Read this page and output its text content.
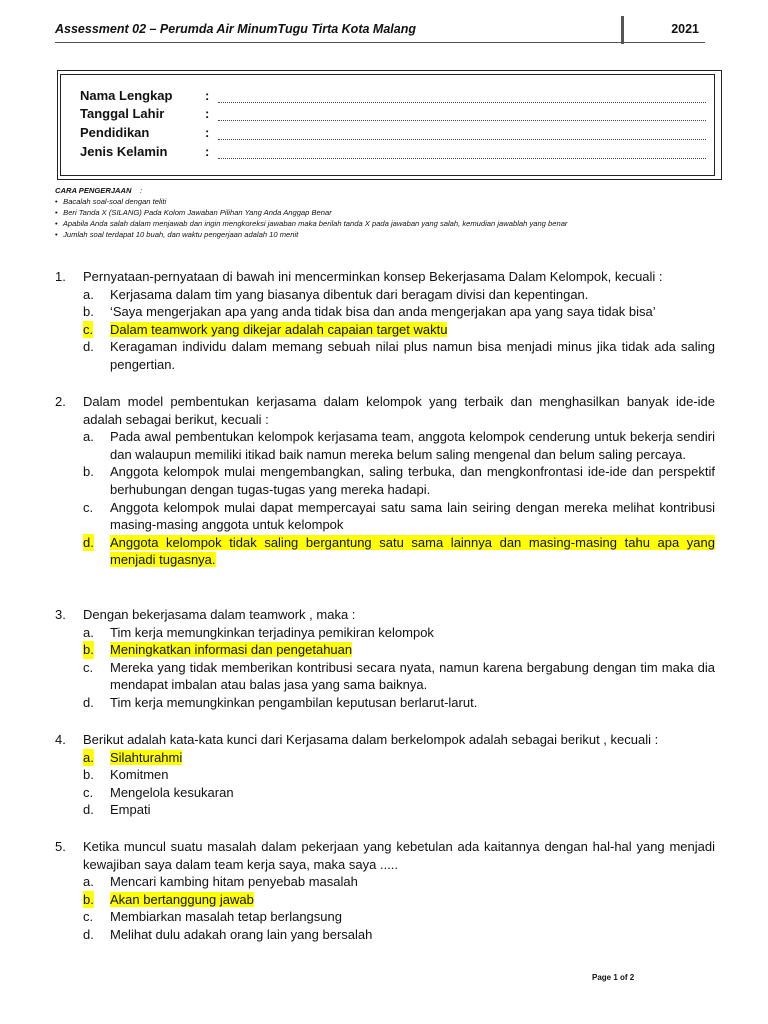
Assessment 02 – Perumda Air MinumTugu Tirta Kota Malang	2021
Nama Lengkap	:
Tanggal Lahir	:
Pendidikan	:
Jenis Kelamin	:
CARA PENGERJAAN :
• Bacalah soal-soal dengan teliti
• Beri Tanda X (SILANG) Pada Kolom Jawaban Pilihan Yang Anda Anggap Benar
• Apabila Anda salah dalam menjawab dan ingin mengkoreksi jawaban maka berilah tanda X pada jawaban yang salah, kemudian jawablah yang benar
• Jumlah soal terdapat 10 buah, dan waktu pengerjaan adalah 10 menit
1. Pernyataan-pernyataan di bawah ini mencerminkan konsep Bekerjasama Dalam Kelompok, kecuali :
a. Kerjasama dalam tim yang biasanya dibentuk dari beragam divisi dan kepentingan.
b. ‘Saya mengerjakan apa yang anda tidak bisa dan anda mengerjakan apa yang saya tidak bisa’
c. Dalam teamwork yang dikejar adalah capaian target waktu
d. Keragaman individu dalam memang sebuah nilai plus namun bisa menjadi minus jika tidak ada saling pengertian.
2. Dalam model pembentukan kerjasama dalam kelompok yang terbaik dan menghasilkan banyak ide-ide adalah sebagai berikut, kecuali :
a. Pada awal pembentukan kelompok kerjasama team, anggota kelompok cenderung untuk bekerja sendiri dan walaupun memiliki itikad baik namun mereka belum saling mengenal dan belum saling percaya.
b. Anggota kelompok mulai mengembangkan, saling terbuka, dan mengkonfrontasi ide-ide dan perspektif berhubungan dengan tugas-tugas yang mereka hadapi.
c. Anggota kelompok mulai dapat mempercayai satu sama lain seiring dengan mereka melihat kontribusi masing-masing anggota untuk kelompok
d. Anggota kelompok tidak saling bergantung satu sama lainnya dan masing-masing tahu apa yang menjadi tugasnya.
3. Dengan bekerjasama dalam teamwork , maka :
a. Tim kerja memungkinkan terjadinya pemikiran kelompok
b. Meningkatkan informasi dan pengetahuan
c. Mereka yang tidak memberikan kontribusi secara nyata, namun karena bergabung dengan tim maka dia mendapat imbalan atau balas jasa yang sama baiknya.
d. Tim kerja memungkinkan pengambilan keputusan berlarut-larut.
4. Berikut adalah kata-kata kunci dari Kerjasama dalam berkelompok adalah sebagai berikut , kecuali :
a. Silahturahmi
b. Komitmen
c. Mengelola kesukaran
d. Empati
5. Ketika muncul suatu masalah dalam pekerjaan yang kebetulan ada kaitannya dengan hal-hal yang menjadi kewajiban saya dalam team kerja saya, maka saya .....
a. Mencari kambing hitam penyebab masalah
b. Akan bertanggung jawab
c. Membiarkan masalah tetap berlangsung
d. Melihat dulu adakah orang lain yang bersalah
Page 1 of 2
